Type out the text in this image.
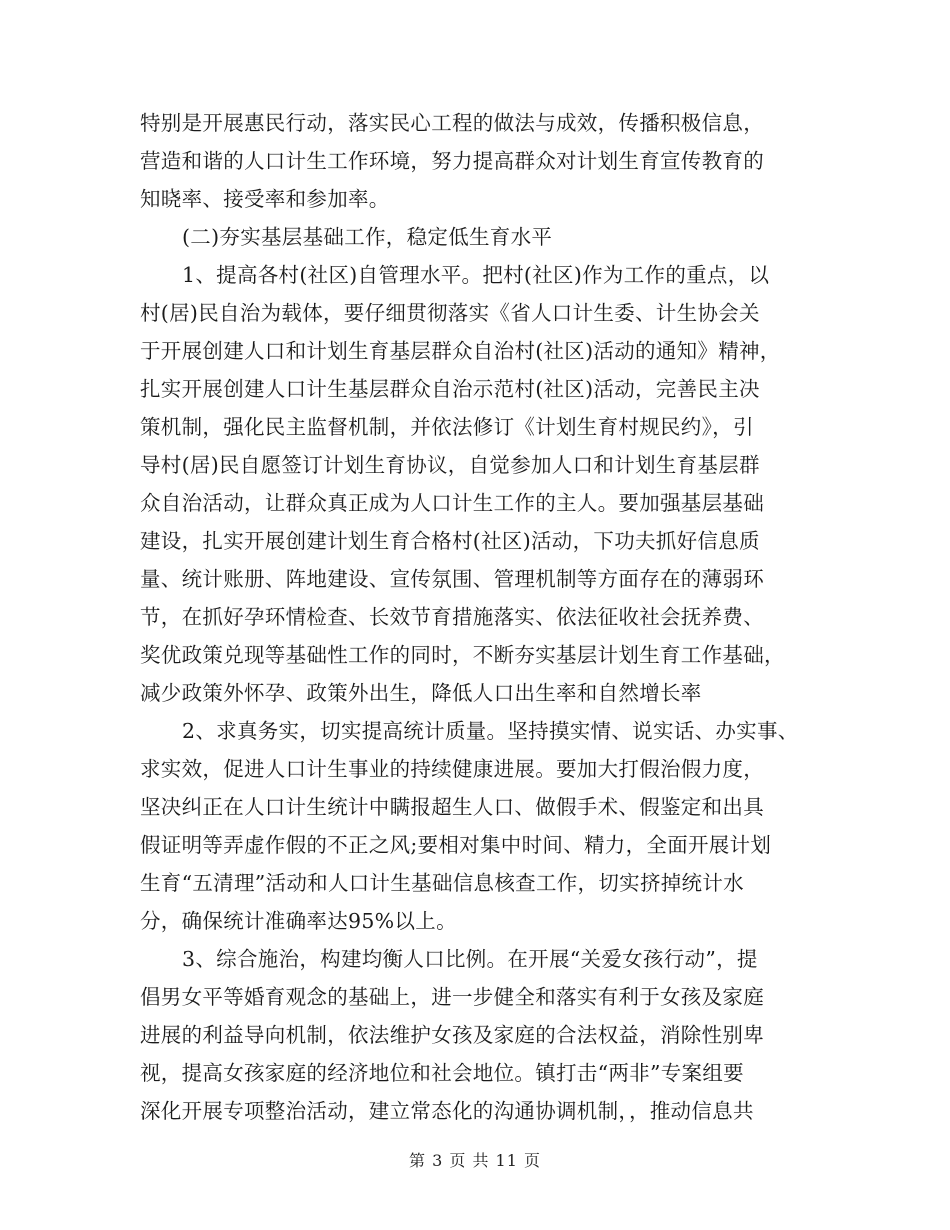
特别是开展惠民行动，落实民心工程的做法与成效，传播积极信息，
营造和谐的人口计生工作环境，努力提高群众对计划生育宣传教育的
知晓率、接受率和参加率。
(二)夯实基层基础工作，稳定低生育水平
1、提高各村(社区)自管理水平。把村(社区)作为工作的重点，以
村(居)民自治为载体，要仔细贯彻落实《省人口计生委、计生协会关
于开展创建人口和计划生育基层群众自治村(社区)活动的通知》精神，
扎实开展创建人口计生基层群众自治示范村(社区)活动，完善民主决
策机制，强化民主监督机制，并依法修订《计划生育村规民约》，引
导村(居)民自愿签订计划生育协议，自觉参加人口和计划生育基层群
众自治活动，让群众真正成为人口计生工作的主人。要加强基层基础
建设，扎实开展创建计划生育合格村(社区)活动，下功夫抓好信息质
量、统计账册、阵地建设、宣传氛围、管理机制等方面存在的薄弱环
节，在抓好孕环情检查、长效节育措施落实、依法征收社会抚养费、
奖优政策兑现等基础性工作的同时，不断夯实基层计划生育工作基础，
减少政策外怀孕、政策外出生，降低人口出生率和自然增长率
2、求真务实，切实提高统计质量。坚持摸实情、说实话、办实事、
求实效，促进人口计生事业的持续健康进展。要加大打假治假力度，
坚决纠正在人口计生统计中瞒报超生人口、做假手术、假鉴定和出具
假证明等弄虚作假的不正之风;要相对集中时间、精力，全面开展计划
生育“五清理”活动和人口计生基础信息核查工作，切实挤掉统计水
分，确保统计准确率达95%以上。
3、综合施治，构建均衡人口比例。在开展“关爱女孩行动”，提
倡男女平等婚育观念的基础上，进一步健全和落实有利于女孩及家庭
进展的利益导向机制，依法维护女孩及家庭的合法权益，消除性别卑
视，提高女孩家庭的经济地位和社会地位。镇打击“两非”专案组要
深化开展专项整治活动，建立常态化的沟通协调机制，，推动信息共
第 3 页 共 11 页
